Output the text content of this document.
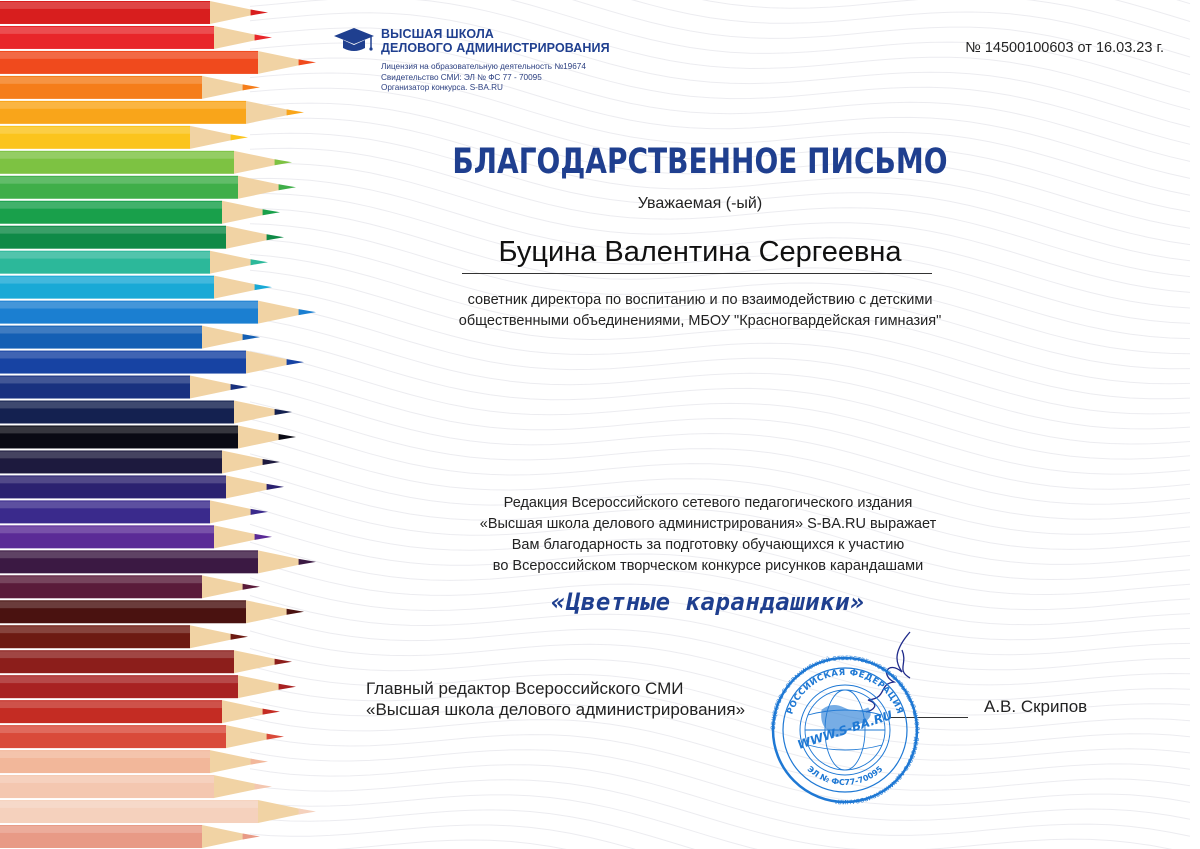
ВЫСШАЯ ШКОЛА
ДЕЛОВОГО АДМИНИСТРИРОВАНИЯ
Лицензия на образовательную деятельность №19674
Свидетельство СМИ: ЭЛ № ФС 77 - 70095
Организатор конкурса. S-BA.RU
№ 14500100603 от 16.03.23 г.
БЛАГОДАРСТВЕННОЕ ПИСЬМО
Уважаемая (-ый)
Буцина Валентина Сергеевна
советник директора по воспитанию и по взаимодействию с детскими
общественными объединениями, МБОУ "Красногвардейская гимназия"
Редакция Всероссийского сетевого педагогического издания
«Высшая школа делового администрирования» S-BA.RU выражает
Вам благодарность за подготовку обучающихся к участию
во Всероссийском творческом конкурсе рисунков карандашами
«Цветные карандашики»
Главный редактор Всероссийского СМИ
«Высшая школа делового администрирования»	А.В. Скрипов
ОБЩЕСТВО С ОГРАНИЧЕННОЙ ОТВЕТСТВЕННОСТЬЮ "ВЫСШАЯ ШКОЛА ДЕЛОВОГО АДМИНИСТРИРОВАНИЯ"
РОССИЙСКАЯ ФЕДЕРАЦИЯ
ЭЛ № ФС77-70095
WWW.S-BA.RU
